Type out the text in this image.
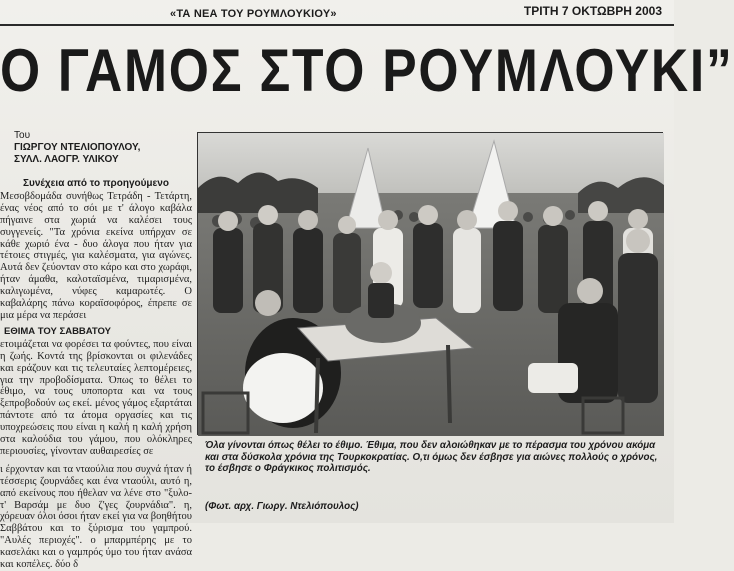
«ΤΑ ΝΕΑ ΤΟΥ ΡΟΥΜΛΟΥΚΙΟΥ»	ΤΡΙΤΗ 7 ΟΚΤΩΒΡΗ 2003
Ο ΓΑΜΟΣ ΣΤΟ ΡΟΥΜΛΟΥΚΙ”
Του
ΓΙΩΡΓΟΥ ΝΤΕΛΙΟΠΟΥΛΟΥ,
ΣΥΛΛ. ΛΑΟΓΡ. ΥΛΙΚΟΥ
Συνέχεια από το προηγούμενο

Μεσοβδομάδα συνήθως Τετράδη - Τετάρτη, ένας νέος από το σόι με τ' άλογο καβάλα πήγαινε στα χωριά να καλέσει τους συγγενείς. "Τα χρόνια εκείνα υπήρχαν σε κάθε χωριό ένα - δυο άλογα που ήταν για τέτοιες στιγμές, για καλέσματα, για αγώνες. Αυτά δεν ζεύονταν στο κάρο και στο χωράφι, ήταν άμαθα, καλοταϊσμένα, τιμαρισμένα, καλιγωμένα, νύφες καμαρωτές. Ο καβαλάρης πάνω κοραϊσοφόρος, έπρεπε σε μια μέρα να περάσει

ΕΘΙΜΑ ΤΟΥ ΣΑΒΒΑΤΟΥ

ετοιμάζεται να φορέσει τα φούντες, που είναι η ζωής. Κοντά της βρίσκονται οι φιλενάδες και εράζουν και τις τελευταίες λεπτομέρειες, για την προβοδίσματα. Όπως το θέλει το έθιμο, να τους υποπορτα και να τους ξεπροβοδούν ως εκεί. μένος γάμος εξαρτάται πάντοτε από τα άτομα οργασίες και τις υποχρεώσεις που είναι η καλή η καλή χρήση στα καλούδια του γάμου, που ολόκληρες περιουσίες, γίνονταν αυθαιρεσίες σε

ι έρχονταν και τα νταούλια που συχνά ήταν ή τέσσερις ζουρνάδες και ένα νταούλι, αυτό η, από εκείνους που ήθελαν να λένε στο "ξυλο-τ' Βαρσάμ με δυο ζ'γες ζουρνάδια". η, χόρευαν όλοι όσοι ήταν εκεί για να βοηθήτου Σαββάτου και το ξύρισμα του γαμπρού. "Αυλές περιοχές". ο μπαρμπέρης με το κασελάκι και ο γαμπρός ύμο του ήταν ανάσα και κοπέλες. δύο δ

Όλα γίνονται όπως θέλει το έθιμο. Έθιμα, που δεν αλοιώθηκαν με το πέρασμα του χρόνου ακόμα και στα δύσκολα χρόνια της Τουρκοκρατίας. Ο,τι όμως δεν έσβησε για αιώνες πολλούς ο χρόνος, το έσβησε ο Φράγκικος πολιτισμός.
(Φωτ. αρχ. Γιωργ. Ντελιόπουλος)
